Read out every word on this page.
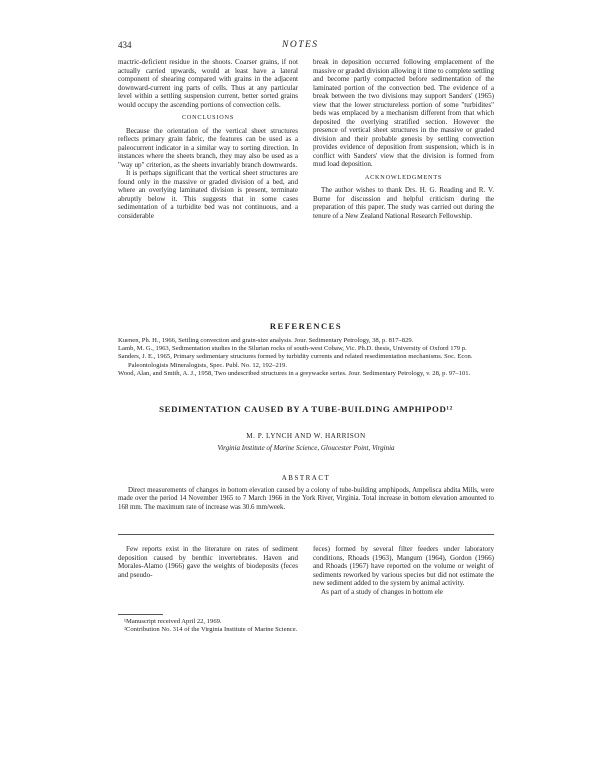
434	NOTES

mactric-deficient residue in the shoots. Coarser grains, if not actually carried upwards, would at least have a lateral component of shearing compared with grains in the adjacent downward-current ing parts of cells. Thus at any particular level within a settling suspension current, better sorted grains would occupy the ascending portions of convection cells.

CONCLUSIONS

Because the orientation of the vertical sheet structures reflects primary grain fabric, the features can be used as a paleocurrent indicator in a similar way to sorting direction. In instances where the sheets branch, they may also be used as a "way up" criterion, as the sheets invariably branch downwards.

It is perhaps significant that the vertical sheet structures are found only in the massive or graded division of a bed, and where an overlying laminated division is present, terminate abruptly below it. This suggests that in some cases sedimentation of a turbidite bed was not continuous, and a considerable

break in deposition occurred following emplacement of the massive or graded division allowing it time to complete settling and become partly compacted before sedimentation of the laminated portion of the convection bed. The evidence of a break between the two divisions may support Sanders' (1965) view that the lower structureless portion of some "turbidites" beds was emplaced by a mechanism different from that which deposited the overlying stratified section. However the presence of vertical sheet structures in the massive or graded division and their probable genesis by settling convection provides evidence of deposition from suspension, which is in conflict with Sanders' view that the division is formed from mud load deposition.

ACKNOWLEDGMENTS

The author wishes to thank Drs. H. G. Reading and R. V. Burne for discussion and helpful criticism during the preparation of this paper. The study was carried out during the tenure of a New Zealand National Research Fellowship.

REFERENCES

Kuenen, Ph. H., 1966, Settling convection and grain-size analysis. Jour. Sedimentary Petrology, 38, p. 817–829.

Lamb, M. G., 1963, Sedimentation studies in the Silurian rocks of south-west Cobaw, Vic. Ph.D. thesis, University of Oxford 179 p.

Sanders, J. E., 1965, Primary sedimentary structures formed by turbidity currents and related resedimentation mechanisms. Soc. Econ. Paleontologists Mineralogists, Spec. Publ. No. 12, 192–219.

Wood, Alan, and Smith, A. J., 1958, Two undescribed structures in a greywacke series. Jour. Sedimentary Petrology, v. 28, p. 97–101.

SEDIMENTATION CAUSED BY A TUBE-BUILDING AMPHIPOD¹²
M. P. LYNCH AND W. HARRISON
Virginia Institute of Marine Science, Gloucester Point, Virginia
ABSTRACT
Direct measurements of changes in bottom elevation caused by a colony of tube-building amphipods, Ampelisca abdita Mills, were made over the period 14 November 1965 to 7 March 1966 in the York River, Virginia. Total increase in bottom elevation amounted to 168 mm. The maximum rate of increase was 30.6 mm/week.

Few reports exist in the literature on rates of sediment deposition caused by benthic invertebrates. Haven and Morales-Alamo (1966) gave the weights of biodeposits (feces and pseudo-

feces) formed by several filter feeders under laboratory conditions, Rhoads (1963), Mangum (1964), Gordon (1966) and Rhoads (1967) have reported on the volume or weight of sediments reworked by various species but did not estimate the new sediment added to the system by animal activity.

As part of a study of changes in bottom ele

¹Manuscript received April 22, 1969.

²Contribution No. 314 of the Virginia Institute of Marine Science.
